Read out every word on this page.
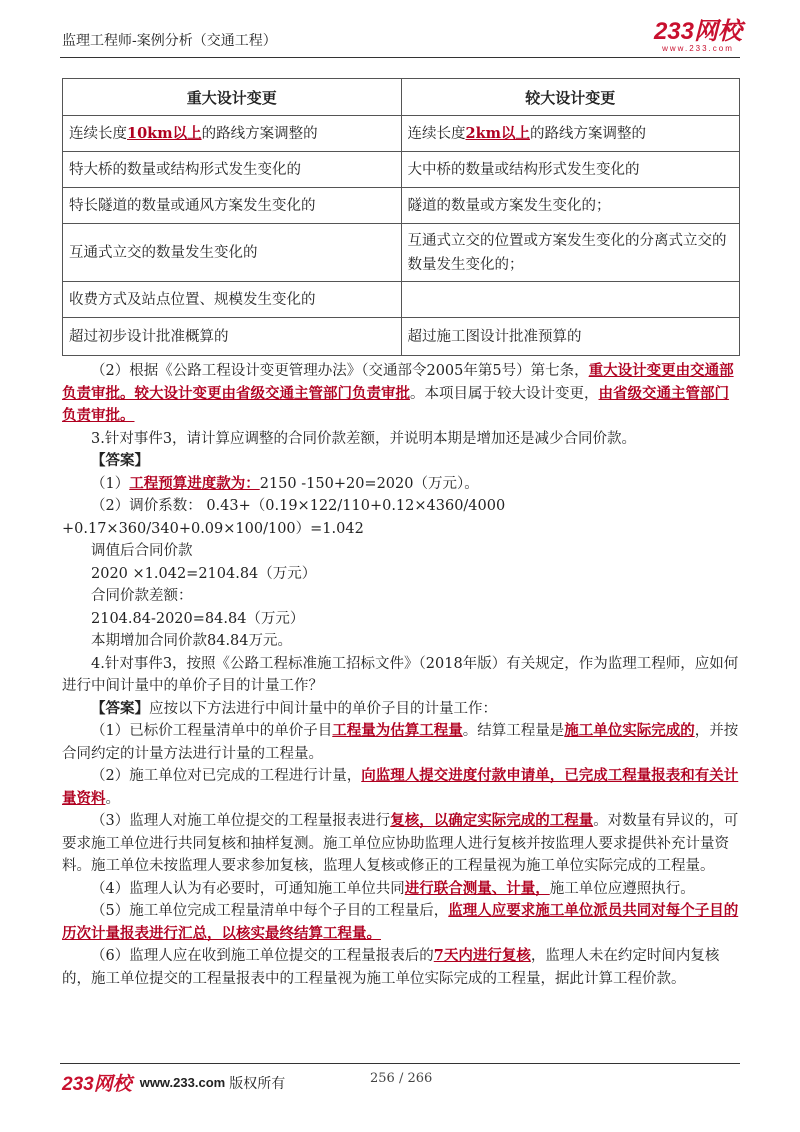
监理工程师-案例分析（交通工程）	233网校
www.233.com
重大设计变更	较大设计变更
连续长度10km以上的路线方案调整的	连续长度2km以上的路线方案调整的
特大桥的数量或结构形式发生变化的	大中桥的数量或结构形式发生变化的
特长隧道的数量或通风方案发生变化的	隧道的数量或方案发生变化的；
互通式立交的数量发生变化的	互通式立交的位置或方案发生变化的分离式立交的数量发生变化的；
收费方式及站点位置、规模发生变化的	
超过初步设计批准概算的	超过施工图设计批准预算的

（2）根据《公路工程设计变更管理办法》（交通部令2005年第5号）第七条，重大设计变更由交通部负责审批。较大设计变更由省级交通主管部门负责审批。本项目属于较大设计变更，由省级交通主管部门负责审批。

3.针对事件3，请计算应调整的合同价款差额，并说明本期是增加还是减少合同价款。

【答案】

（1）工程预算进度款为：2150 -150+20=2020（万元）。

（2）调价系数： 0.43+（0.19×122/110+0.12×4360/4000

+0.17×360/340+0.09×100/100）=1.042

调值后合同价款

2020 ×1.042=2104.84（万元）

合同价款差额：

2104.84-2020=84.84（万元）

本期增加合同价款84.84万元。

4.针对事件3，按照《公路工程标准施工招标文件》（2018年版）有关规定，作为监理工程师，应如何进行中间计量中的单价子目的计量工作？

【答案】应按以下方法进行中间计量中的单价子目的计量工作：

（1）已标价工程量清单中的单价子目工程量为估算工程量。结算工程量是施工单位实际完成的，并按合同约定的计量方法进行计量的工程量。

（2）施工单位对已完成的工程进行计量，向监理人提交进度付款申请单，已完成工程量报表和有关计量资料。

（3）监理人对施工单位提交的工程量报表进行复核，以确定实际完成的工程量。对数量有异议的，可要求施工单位进行共同复核和抽样复测。施工单位应协助监理人进行复核并按监理人要求提供补充计量资料。施工单位未按监理人要求参加复核，监理人复核或修正的工程量视为施工单位实际完成的工程量。

（4）监理人认为有必要时，可通知施工单位共同进行联合测量、计量，施工单位应遵照执行。

（5）施工单位完成工程量清单中每个子目的工程量后，监理人应要求施工单位派员共同对每个子目的历次计量报表进行汇总，以核实最终结算工程量。

（6）监理人应在收到施工单位提交的工程量报表后的7天内进行复核，监理人未在约定时间内复核的，施工单位提交的工程量报表中的工程量视为施工单位实际完成的工程量，据此计算工程价款。

233网校 www.233.com 版权所有	256 / 266
